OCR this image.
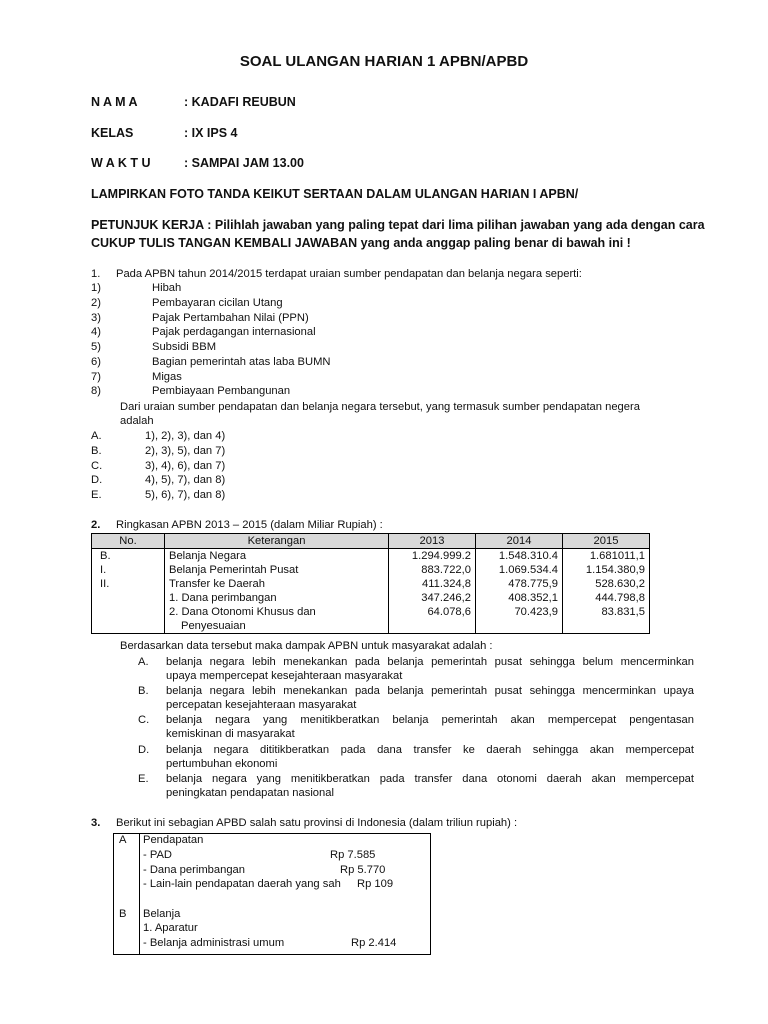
SOAL ULANGAN HARIAN 1 APBN/APBD
N A M A	: KADAFI REUBUN
KELAS	: IX IPS 4
W A K T U	: SAMPAI JAM 13.00
LAMPIRKAN FOTO TANDA KEIKUT SERTAAN DALAM ULANGAN HARIAN I APBN/
PETUNJUK KERJA : Pilihlah jawaban yang paling tepat dari lima pilihan jawaban yang ada dengan cara
CUKUP TULIS TANGAN KEMBALI JAWABAN yang anda anggap paling benar di bawah ini !
1. Pada APBN tahun 2014/2015 terdapat uraian sumber pendapatan dan belanja negara seperti:
1)	Hibah
2)	Pembayaran cicilan Utang
3)	Pajak Pertambahan Nilai (PPN)
4)	Pajak perdagangan internasional
5)	Subsidi BBM
6)	Bagian pemerintah atas laba BUMN
7)	Migas
8)	Pembiayaan Pembangunan
Dari uraian sumber pendapatan dan belanja negara tersebut, yang termasuk sumber pendapatan negera
adalah
A.	1), 2), 3), dan 4)
B.	2), 3), 5), dan 7)
C.	3), 4), 6), dan 7)
D.	4), 5), 7), dan 8)
E.	5), 6), 7), dan 8)
2. Ringkasan APBN 2013 – 2015 (dalam Miliar Rupiah) :
No.	Keterangan	2013	2014	2015
B.	Belanja Negara	1.294.999.2	1.548.310.4	1.681011,1
I.	Belanja Pemerintah Pusat	883.722,0	1.069.534.4	1.154.380,9
II.	Transfer ke Daerah	411.324,8	478.775,9	528.630,2
	1. Dana perimbangan	347.246,2	408.352,1	444.798,8
	2. Dana Otonomi Khusus dan	64.078,6	70.423,9	83.831,5
	Penyesuaian			
Berdasarkan data tersebut maka dampak APBN untuk masyarakat adalah :
A. belanja negara lebih menekankan pada belanja pemerintah pusat sehingga belum mencerminkan
upaya mempercepat kesejahteraan masyarakat
B. belanja negara lebih menekankan pada belanja pemerintah pusat sehingga mencerminkan upaya
percepatan kesejahteraan masyarakat
C. belanja negara yang menitikberatkan belanja pemerintah akan mempercepat pengentasan
kemiskinan di masyarakat
D. belanja negara dititikberatkan pada dana transfer ke daerah sehingga akan mempercepat
pertumbuhan ekonomi
E. belanja negara yang menitikberatkan pada transfer dana otonomi daerah akan mempercepat
peningkatan pendapatan nasional
3. Berikut ini sebagian APBD salah satu provinsi di Indonesia (dalam triliun rupiah) :
A Pendapatan
- PAD	Rp 7.585
- Dana perimbangan	Rp 5.770
- Lain-lain pendapatan daerah yang sah Rp 109
B Belanja
1. Aparatur
- Belanja administrasi umum	Rp 2.414
